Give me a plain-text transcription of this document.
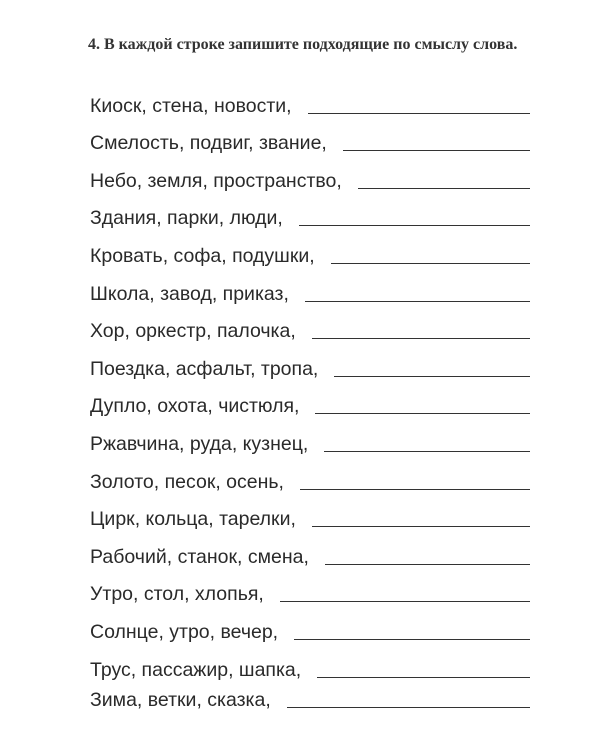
4. В каждой строке запишите подходящие по смыслу слова.
Киоск, стена, новости,
Смелость, подвиг, звание,
Небо, земля, пространство,
Здания, парки, люди,
Кровать, софа, подушки,
Школа, завод, приказ,
Хор, оркестр, палочка,
Поездка, асфальт, тропа,
Дупло, охота, чистюля,
Ржавчина, руда, кузнец,
Золото, песок, осень,
Цирк, кольца, тарелки,
Рабочий, станок, смена,
Утро, стол, хлопья,
Солнце, утро, вечер,
Трус, пассажир, шапка,
Зима, ветки, сказка,
